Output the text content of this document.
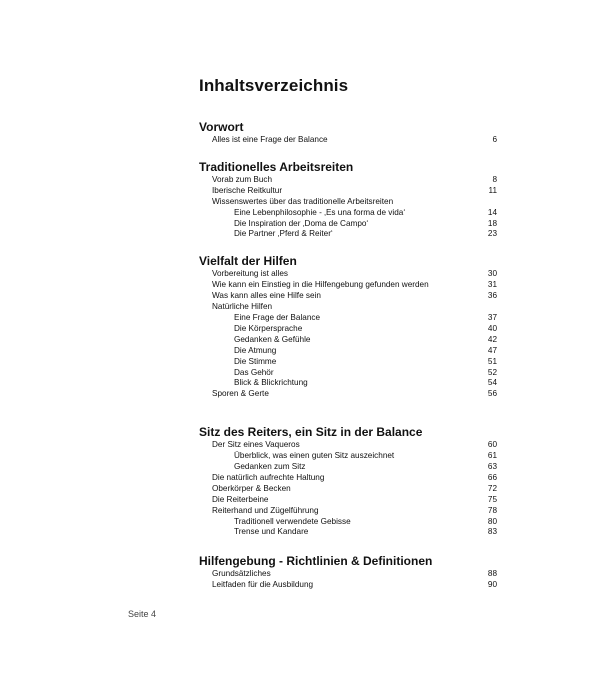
Inhaltsverzeichnis
Vorwort
Alles ist eine Frage der Balance	6
Traditionelles Arbeitsreiten
Vorab zum Buch	8
Iberische Reitkultur	11
Wissenswertes über das traditionelle Arbeitsreiten
Eine Lebenphilosophie - ‚Es una forma de vida‘	14
Die Inspiration der ‚Doma de Campo‘	18
Die Partner ‚Pferd & Reiter‘	23
Vielfalt der Hilfen
Vorbereitung ist alles	30
Wie kann ein Einstieg in die Hilfengebung gefunden werden	31
Was kann alles eine Hilfe sein	36
Natürliche Hilfen
Eine Frage der Balance	37
Die Körpersprache	40
Gedanken & Gefühle	42
Die Atmung	47
Die Stimme	51
Das Gehör	52
Blick & Blickrichtung	54
Sporen & Gerte	56
Sitz des Reiters, ein Sitz in der Balance
Der Sitz eines Vaqueros	60
Überblick, was einen guten Sitz auszeichnet	61
Gedanken zum Sitz	63
Die natürlich aufrechte Haltung	66
Oberkörper & Becken	72
Die Reiterbeine	75
Reiterhand und Zügelführung	78
Traditionell verwendete Gebisse	80
Trense und Kandare	83
Hilfengebung - Richtlinien & Definitionen
Grundsätzliches	88
Leitfaden für die Ausbildung	90
Seite 4
